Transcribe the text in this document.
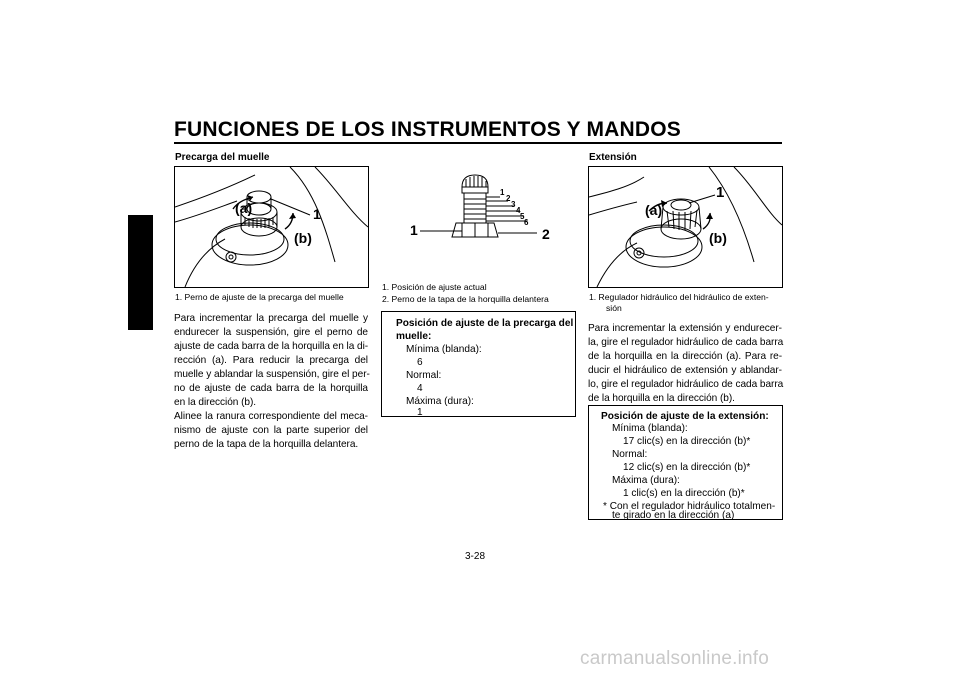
FUNCIONES DE LOS INSTRUMENTOS Y MANDOS
3
Precarga del muelle
(a)
(b)
1
1. Perno de ajuste de la precarga del muelle
Para incrementar la precarga del muelle y
endurecer la suspensión, gire el perno de
ajuste de cada barra de la horquilla en la di-
rección (a). Para reducir la precarga del
muelle y ablandar la suspensión, gire el per-
no de ajuste de cada barra de la horquilla
en la dirección (b).
Alinee la ranura correspondiente del meca-
nismo de ajuste con la parte superior del
perno de la tapa de la horquilla delantera.
1
2
3
4
5
6
1	2
1. Posición de ajuste actual
2. Perno de la tapa de la horquilla delantera
Posición de ajuste de la precarga del
muelle:
Mínima (blanda):
6
Normal:
4
Máxima (dura):
1
Extensión
(a)
(b)
1
1. Regulador hidráulico del hidráulico de exten-
sión
Para incrementar la extensión y endurecer-
la, gire el regulador hidráulico de cada barra
de la horquilla en la dirección (a). Para re-
ducir el hidráulico de extensión y ablandar-
lo, gire el regulador hidráulico de cada barra
de la horquilla en la dirección (b).
Posición de ajuste de la extensión:
Mínima (blanda):
17 clic(s) en la dirección (b)*
Normal:
12 clic(s) en la dirección (b)*
Máxima (dura):
1 clic(s) en la dirección (b)*
* Con el regulador hidráulico totalmen-
te girado en la dirección (a)
3-28
carmanualsonline.info
